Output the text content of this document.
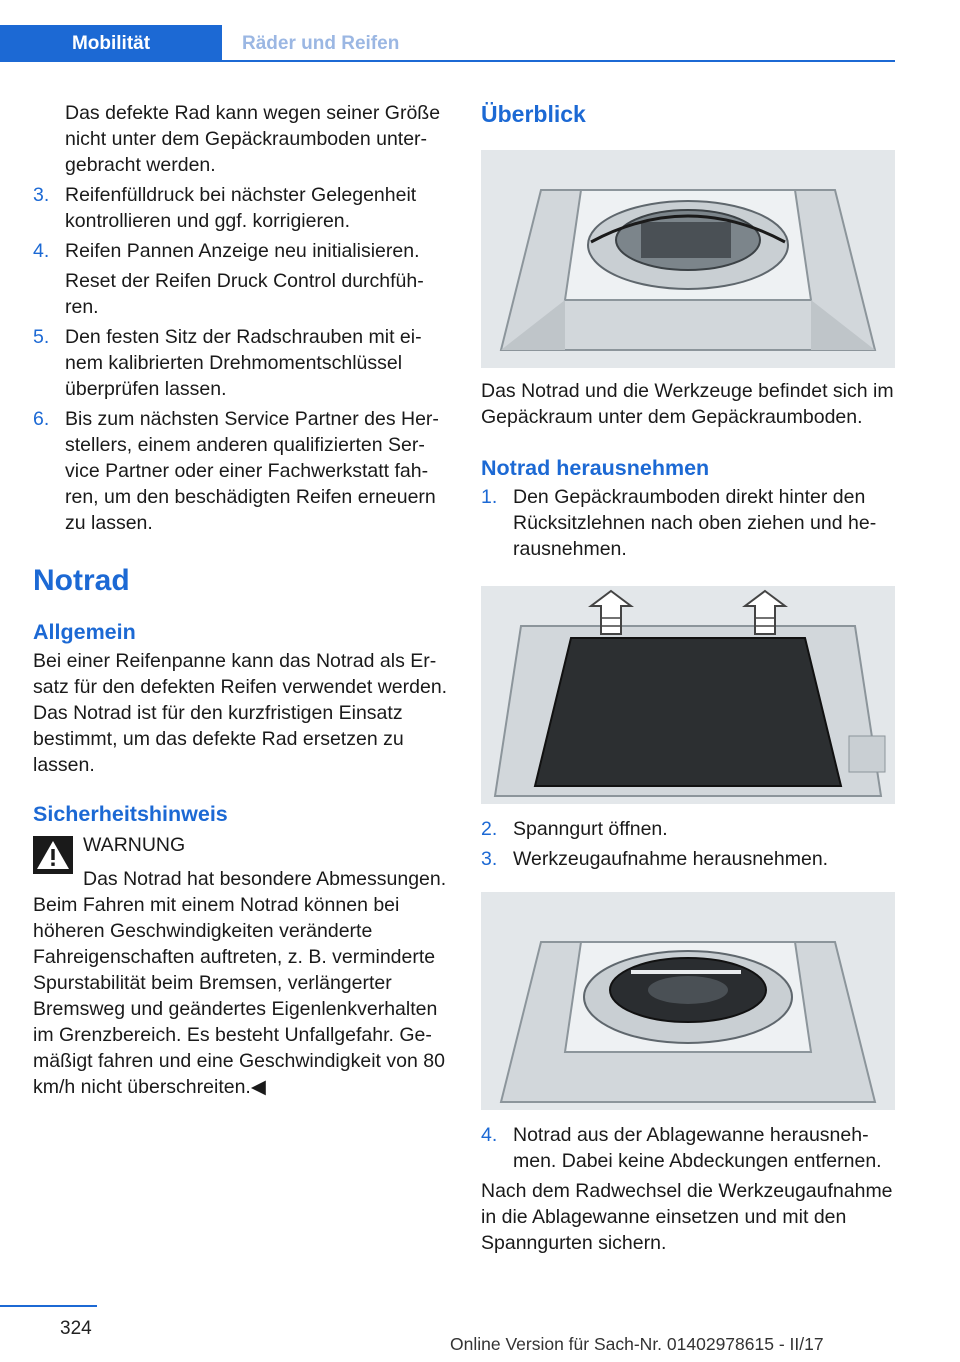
Mobilität	Räder und Reifen
Das defekte Rad kann wegen seiner Größe nicht unter dem Gepäckraumboden untergebracht werden.
3. Reifenfülldruck bei nächster Gelegenheit kontrollieren und ggf. korrigieren.
4. Reifen Pannen Anzeige neu initialisieren.
Reset der Reifen Druck Control durchführen.
5. Den festen Sitz der Radschrauben mit einem kalibrierten Drehmomentschlüssel überprüfen lassen.
6. Bis zum nächsten Service Partner des Herstellers, einem anderen qualifizierten Service Partner oder einer Fachwerkstatt fahren, um den beschädigten Reifen erneuern zu lassen.
Notrad
Allgemein

Bei einer Reifenpanne kann das Notrad als Ersatz für den defekten Reifen verwendet werden. Das Notrad ist für den kurzfristigen Einsatz bestimmt, um das defekte Rad ersetzen zu lassen.

Sicherheitshinweis
WARNUNG

Das Notrad hat besondere Abmessungen. Beim Fahren mit einem Notrad können bei höheren Geschwindigkeiten veränderte Fahreigenschaften auftreten, z. B. verminderte Spurstabilität beim Bremsen, verlängerter Bremsweg und geändertes Eigenlenkverhalten im Grenzbereich. Es besteht Unfallgefahr. Gemäßigt fahren und eine Geschwindigkeit von 80 km/h nicht überschreiten.◀

Überblick

Das Notrad und die Werkzeuge befindet sich im Gepäckraum unter dem Gepäckraumboden.

Notrad herausnehmen
1. Den Gepäckraumboden direkt hinter den Rücksitzlehnen nach oben ziehen und herausnehmen.
2. Spanngurt öffnen.
3. Werkzeugaufnahme herausnehmen.
4. Notrad aus der Ablagewanne herausnehmen. Dabei keine Abdeckungen entfernen.

Nach dem Radwechsel die Werkzeugaufnahme in die Ablagewanne einsetzen und mit den Spanngurten sichern.

324
Online Version für Sach-Nr. 01402978615 - II/17
